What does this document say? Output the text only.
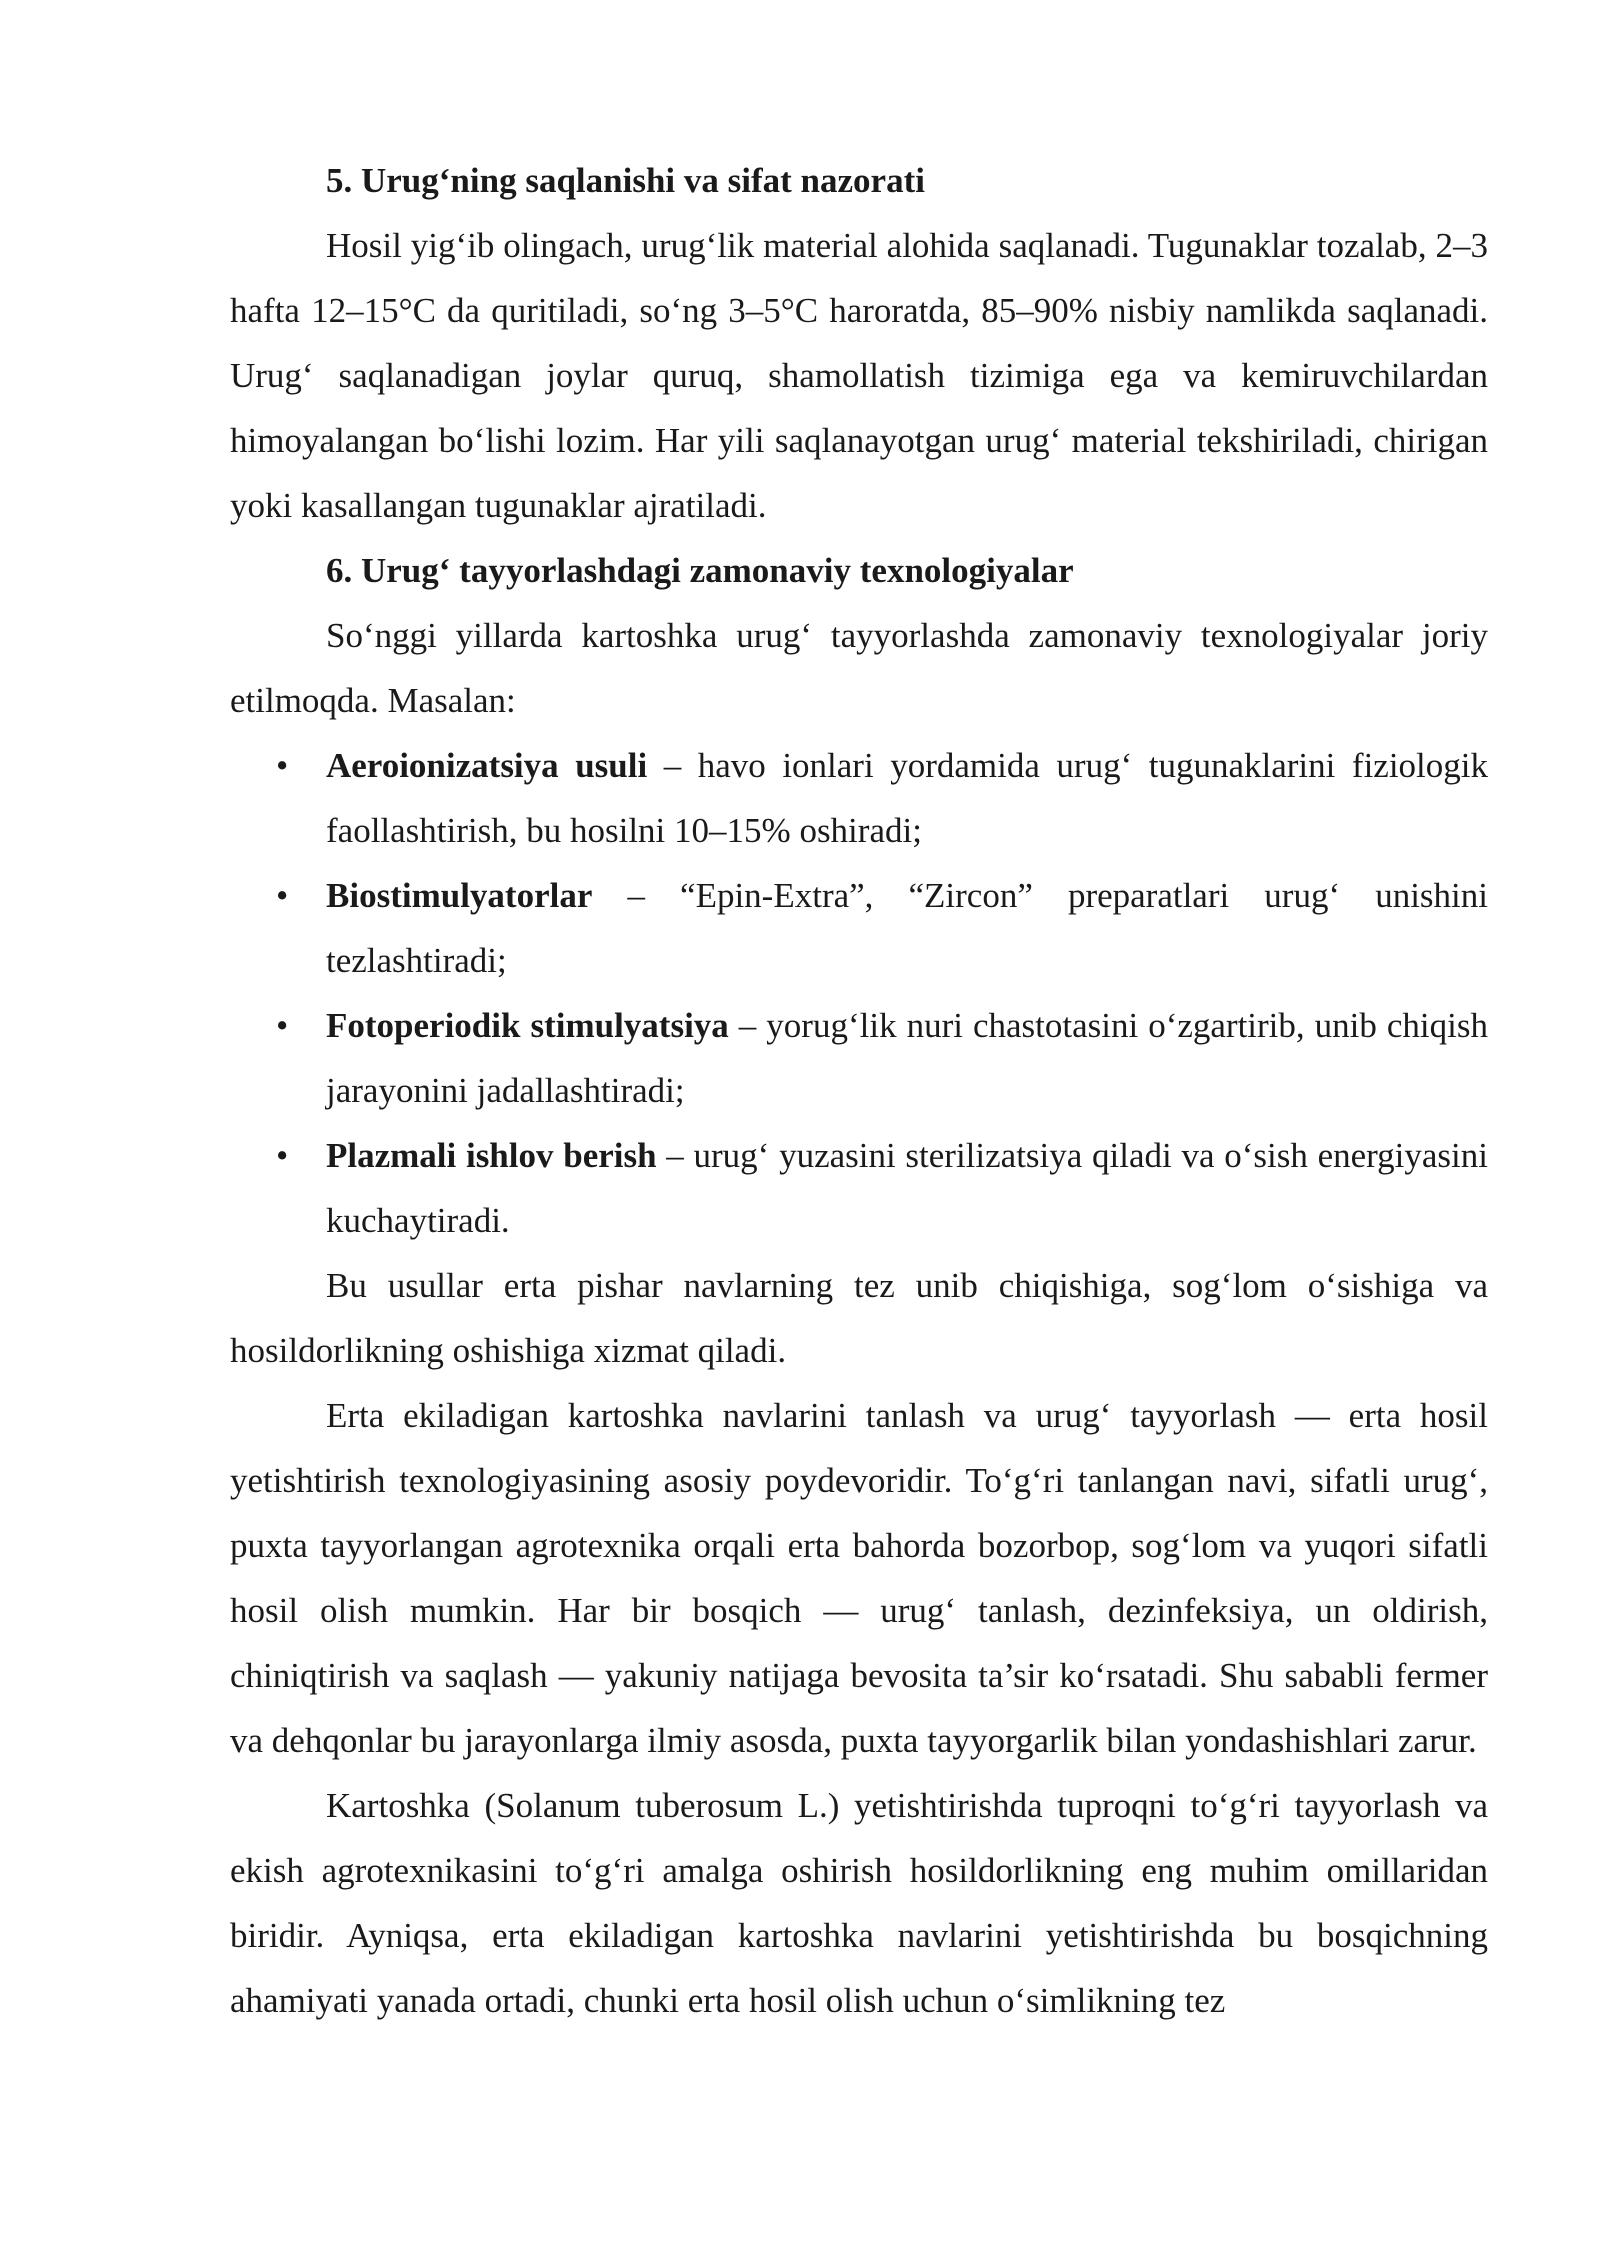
5. Urug‘ning saqlanishi va sifat nazorati

Hosil yig‘ib olingach, urug‘lik material alohida saqlanadi. Tugunaklar tozalab, 2–3 hafta 12–15°C da quritiladi, so‘ng 3–5°C haroratda, 85–90% nisbiy namlikda saqlanadi. Urug‘ saqlanadigan joylar quruq, shamollatish tizimiga ega va kemiruvchilardan himoyalangan bo‘lishi lozim. Har yili saqlanayotgan urug‘ material tekshiriladi, chirigan yoki kasallangan tugunaklar ajratiladi.

6. Urug‘ tayyorlashdagi zamonaviy texnologiyalar

So‘nggi yillarda kartoshka urug‘ tayyorlashda zamonaviy texnologiyalar joriy etilmoqda. Masalan:

• Aeroionizatsiya usuli – havo ionlari yordamida urug‘ tugunaklarini fiziologik faollashtirish, bu hosilni 10–15% oshiradi;
• Biostimulyatorlar – “Epin-Extra”, “Zircon” preparatlari urug‘ unishini tezlashtiradi;
• Fotoperiodik stimulyatsiya – yorug‘lik nuri chastotasini o‘zgartirib, unib chiqish jarayonini jadallashtiradi;
• Plazmali ishlov berish – urug‘ yuzasini sterilizatsiya qiladi va o‘sish energiyasini kuchaytiradi.

Bu usullar erta pishar navlarning tez unib chiqishiga, sog‘lom o‘sishiga va hosildorlikning oshishiga xizmat qiladi.

Erta ekiladigan kartoshka navlarini tanlash va urug‘ tayyorlash — erta hosil yetishtirish texnologiyasining asosiy poydevoridir. To‘g‘ri tanlangan navi, sifatli urug‘, puxta tayyorlangan agrotexnika orqali erta bahorda bozorbop, sog‘lom va yuqori sifatli hosil olish mumkin. Har bir bosqich — urug‘ tanlash, dezinfeksiya, un oldirish, chiniqtirish va saqlash — yakuniy natijaga bevosita ta’sir ko‘rsatadi. Shu sababli fermer va dehqonlar bu jarayonlarga ilmiy asosda, puxta tayyorgarlik bilan yondashishlari zarur.

Kartoshka (Solanum tuberosum L.) yetishtirishda tuproqni to‘g‘ri tayyorlash va ekish agrotexnikasini to‘g‘ri amalga oshirish hosildorlikning eng muhim omillaridan biridir. Ayniqsa, erta ekiladigan kartoshka navlarini yetishtirishda bu bosqichning ahamiyati yanada ortadi, chunki erta hosil olish uchun o‘simlikning tez
